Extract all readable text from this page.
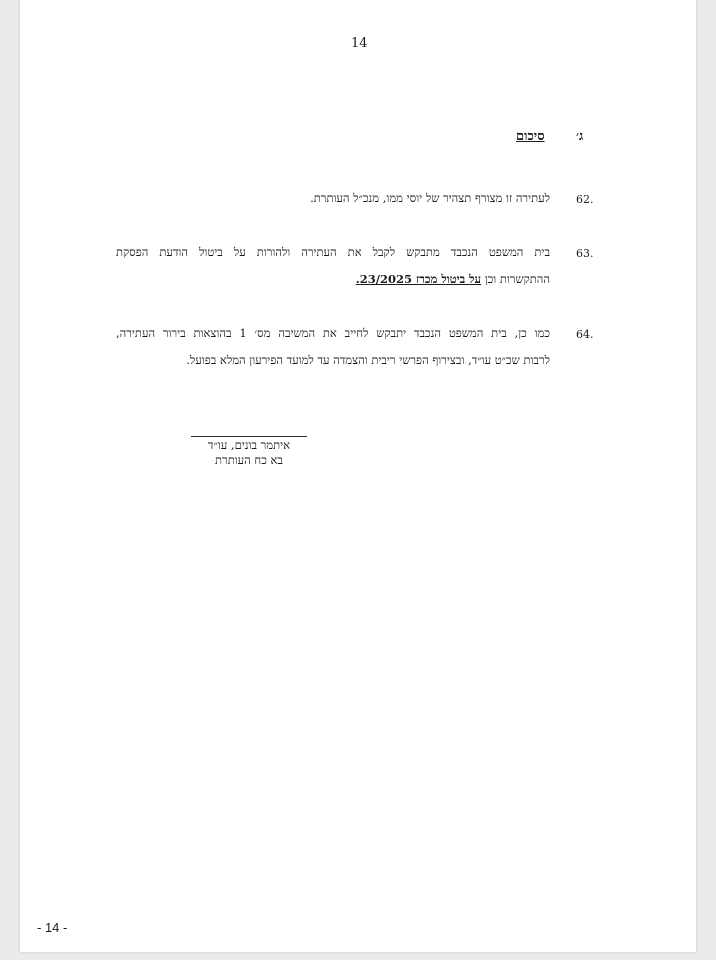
14
ג׳
סיכום
62.
לעתירה זו מצורף תצהיר של יוסי ממו, מנכ״ל העותרת.
63.
בית המשפט הנכבד מתבקש לקבל את העתירה ולהורות על ביטול הודעת הפסקת
ההתקשרות וכן על ביטול מכרז 23/2025.
64.
כמו כן, בית המשפט הנכבד יתבקש לחייב את המשיבה מס׳ 1 בהוצאות בירור העתירה,
לרבות שכ״ט עו״ד, ובצירוף הפרשי ריבית והצמדה עד למועד הפירעון המלא בפועל.
איתמר בונים, עו״ד
בא כח העותרת
- 14 -
